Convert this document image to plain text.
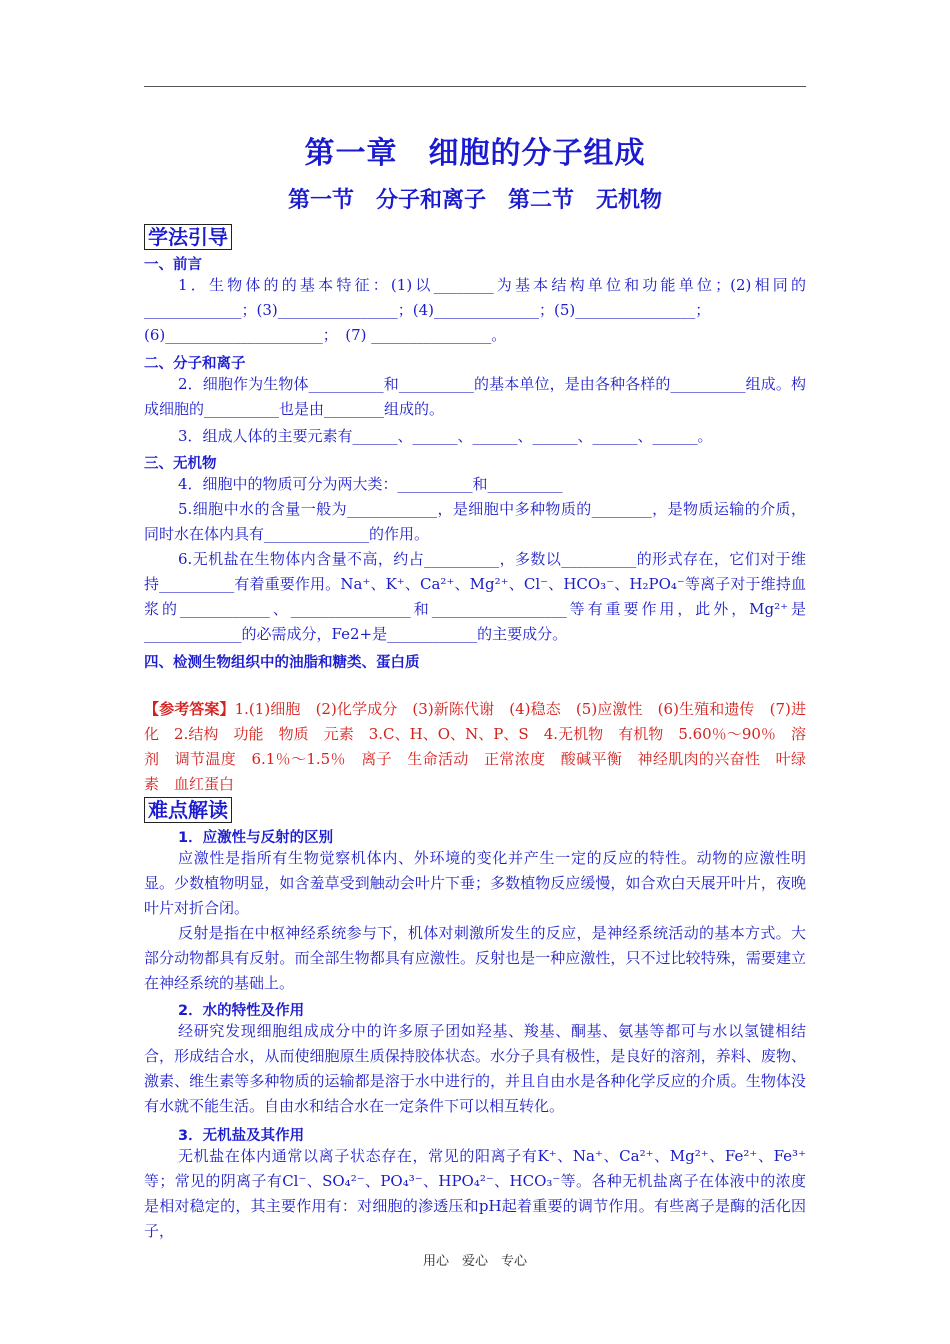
第一章　细胞的分子组成
第一节　分子和离子　第二节　无机物
学法引导
一、前言
1．生物体的的基本特征：(1)以________为基本结构单位和功能单位；(2)相同的_____________；(3)________________；(4)______________；(5)________________；(6)_____________________；　(7) ________________。
二、分子和离子
2．细胞作为生物体__________和__________的基本单位，是由各种各样的__________组成。构成细胞的__________也是由________组成的。
3．组成人体的主要元素有______、______、______、______、______、______。
三、无机物
4．细胞中的物质可分为两大类：__________和__________
5.细胞中水的含量一般为____________，是细胞中多种物质的________，是物质运输的介质，同时水在体内具有______________的作用。
6.无机盐在生物体内含量不高，约占__________，多数以__________的形式存在，它们对于维持__________有着重要作用。Na⁺、K⁺、Ca²⁺、Mg²⁺、Cl⁻、HCO₃⁻、H₂PO₄⁻等离子对于维持血浆的____________、________________和__________________等有重要作用，此外，Mg²⁺是_____________的必需成分，Fe2+是____________的主要成分。
四、检测生物组织中的油脂和糖类、蛋白质
【参考答案】1.(1)细胞　(2)化学成分　(3)新陈代谢　(4)稳态　(5)应激性　(6)生殖和遗传　(7)进化　2.结构　功能　物质　元素　3.C、H、O、N、P、S　4.无机物　有机物　5.60％～90％　溶剂　调节温度　6.1％～1.5％　离子　生命活动　正常浓度　酸碱平衡　神经肌肉的兴奋性　叶绿素　血红蛋白
难点解读
1．应激性与反射的区别
应激性是指所有生物觉察机体内、外环境的变化并产生一定的反应的特性。动物的应激性明显。少数植物明显，如含羞草受到触动会叶片下垂；多数植物反应缓慢，如合欢白天展开叶片，夜晚叶片对折合闭。
反射是指在中枢神经系统参与下，机体对刺激所发生的反应，是神经系统活动的基本方式。大部分动物都具有反射。而全部生物都具有应激性。反射也是一种应激性，只不过比较特殊，需要建立在神经系统的基础上。
2．水的特性及作用
经研究发现细胞组成成分中的许多原子团如羟基、羧基、酮基、氨基等都可与水以氢键相结合，形成结合水，从而使细胞原生质保持胶体状态。水分子具有极性，是良好的溶剂，养料、废物、激素、维生素等多种物质的运输都是溶于水中进行的，并且自由水是各种化学反应的介质。生物体没有水就不能生活。自由水和结合水在一定条件下可以相互转化。
3．无机盐及其作用
无机盐在体内通常以离子状态存在，常见的阳离子有K⁺、Na⁺、Ca²⁺、Mg²⁺、Fe²⁺、Fe³⁺等；常见的阴离子有Cl⁻、SO₄²⁻、PO₄³⁻、HPO₄²⁻、HCO₃⁻等。各种无机盐离子在体液中的浓度是相对稳定的，其主要作用有：对细胞的渗透压和pH起着重要的调节作用。有些离子是酶的活化因子，
用心　爱心　专心
